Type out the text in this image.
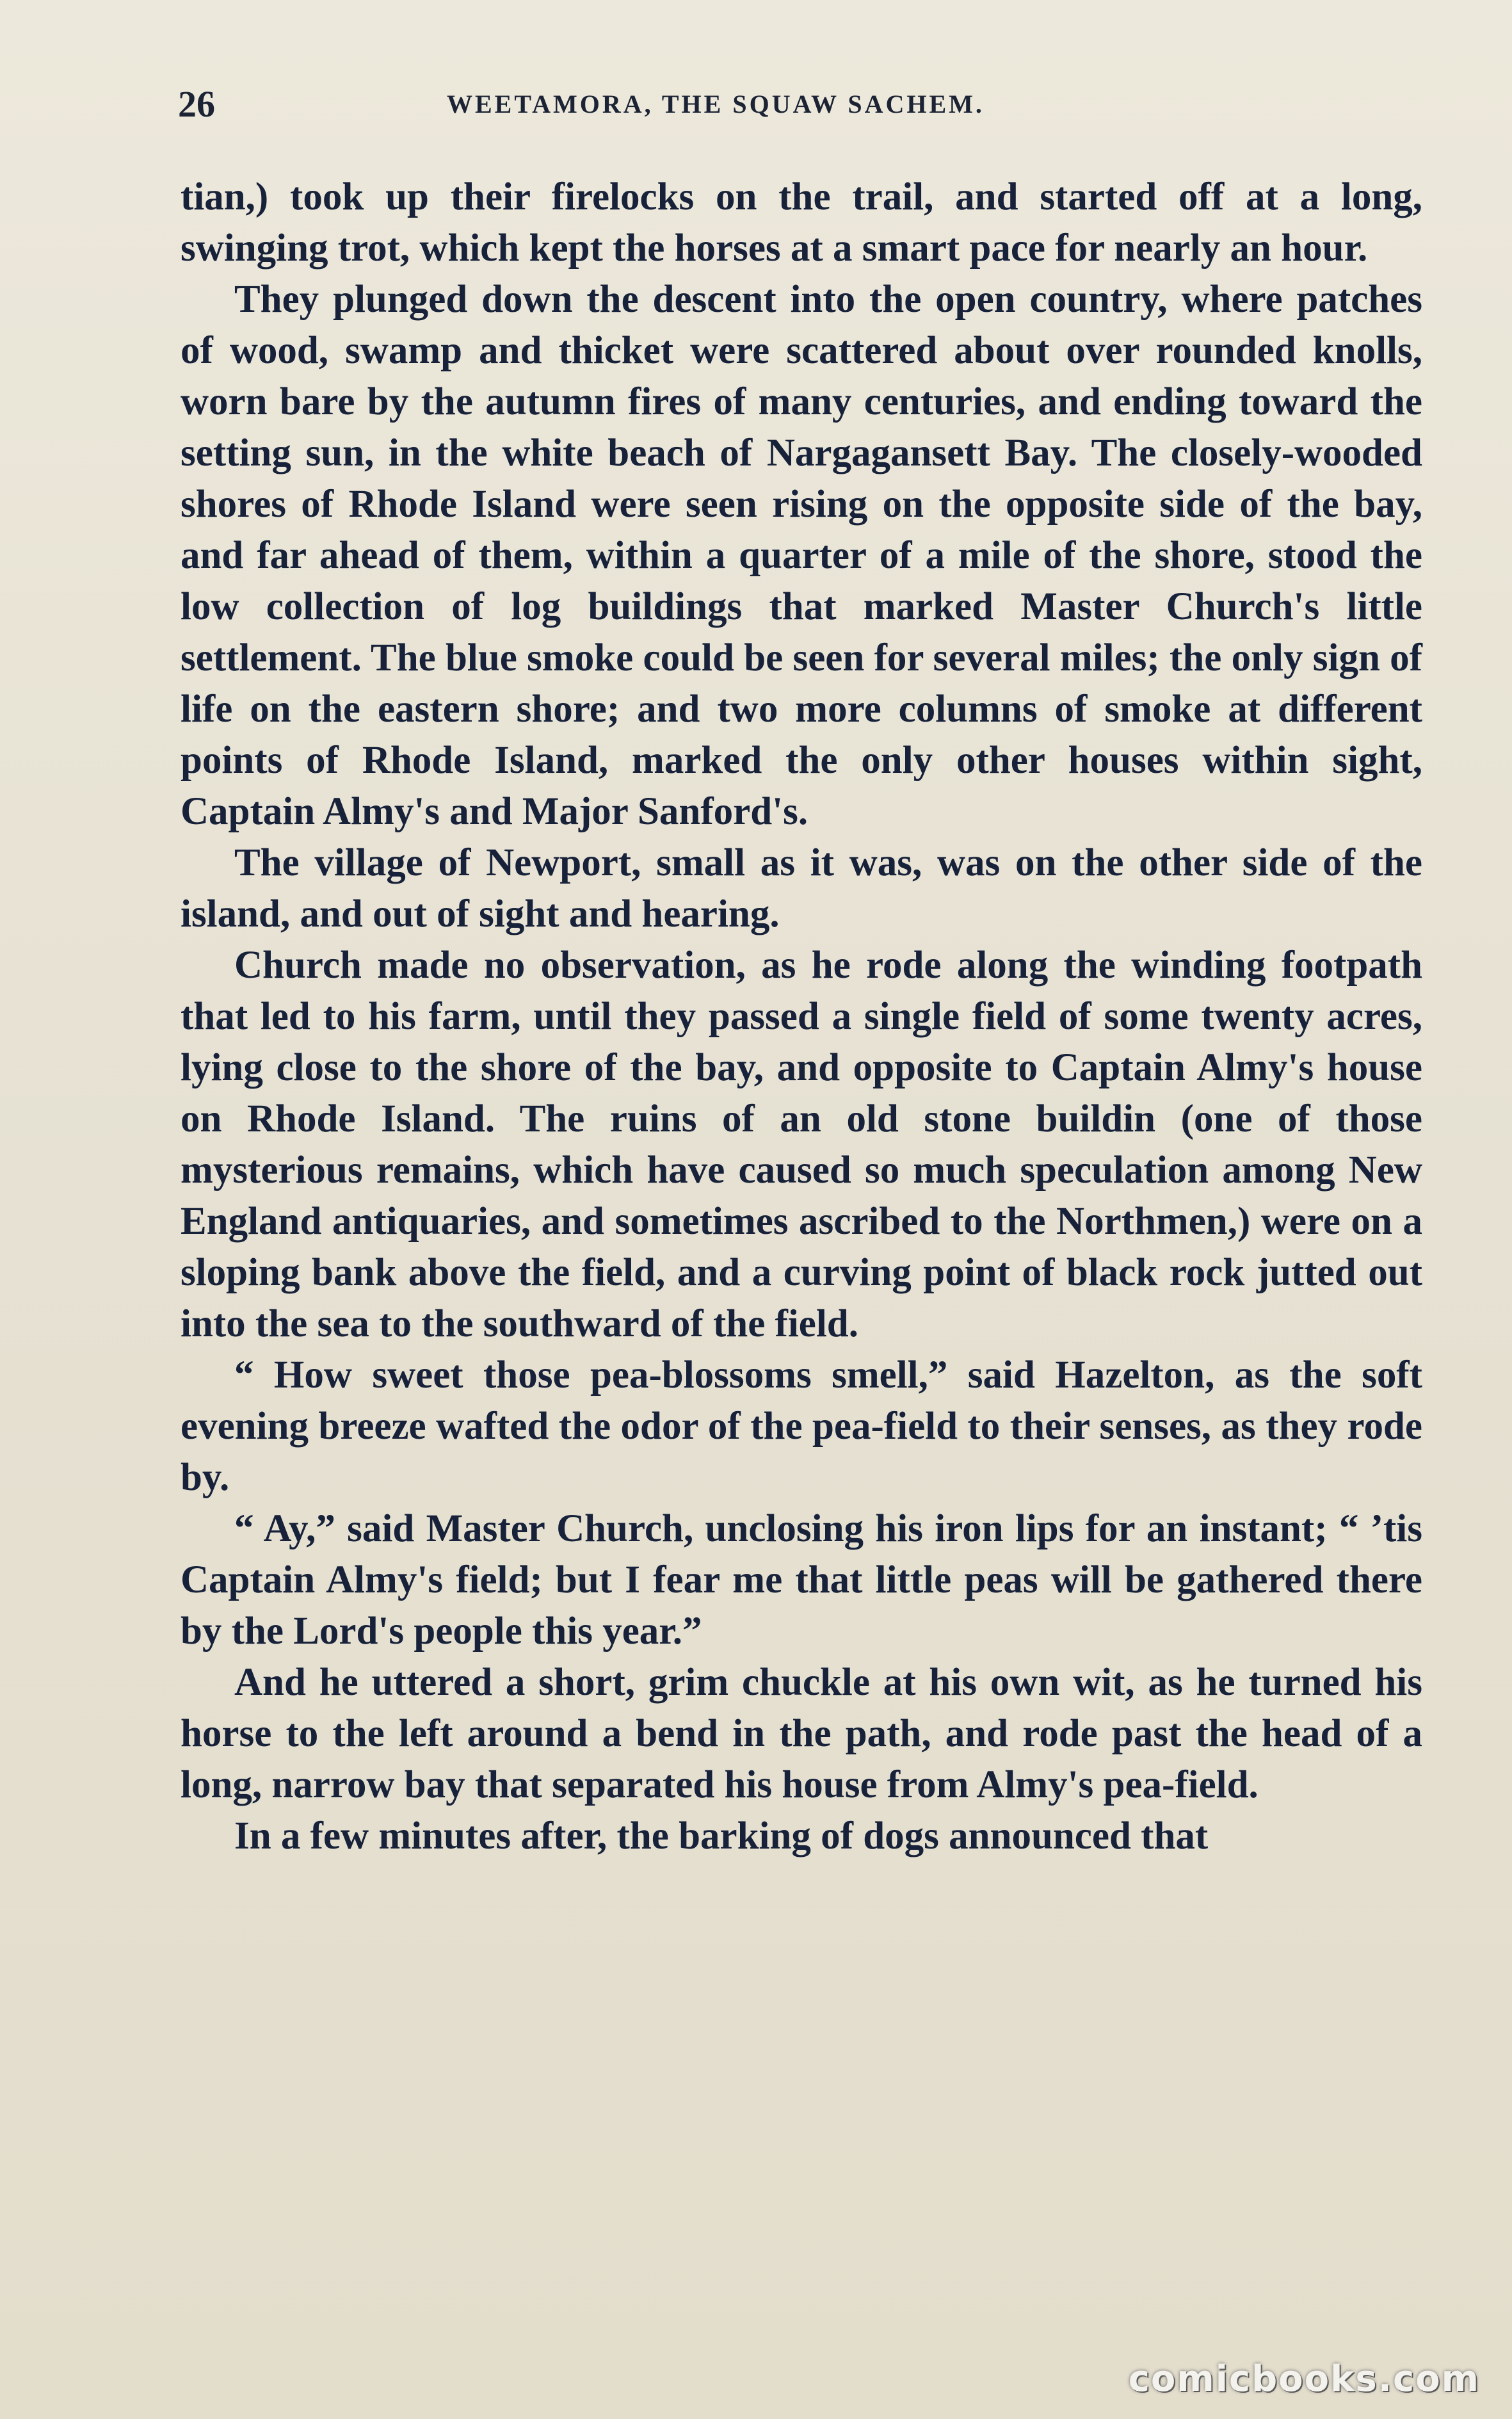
26	WEETAMORA, THE SQUAW SACHEM.

tian,) took up their firelocks on the trail, and started off at a long, swinging trot, which kept the horses at a smart pace for nearly an hour.

They plunged down the descent into the open country, where patches of wood, swamp and thicket were scattered about over rounded knolls, worn bare by the autumn fires of many centuries, and ending toward the setting sun, in the white beach of Nargagansett Bay. The closely-wooded shores of Rhode Island were seen rising on the opposite side of the bay, and far ahead of them, within a quarter of a mile of the shore, stood the low collection of log buildings that marked Master Church's little settlement. The blue smoke could be seen for several miles; the only sign of life on the eastern shore; and two more columns of smoke at different points of Rhode Island, marked the only other houses within sight, Captain Almy's and Major Sanford's.

The village of Newport, small as it was, was on the other side of the island, and out of sight and hearing.

Church made no observation, as he rode along the winding footpath that led to his farm, until they passed a single field of some twenty acres, lying close to the shore of the bay, and opposite to Captain Almy's house on Rhode Island. The ruins of an old stone buildin (one of those mysterious remains, which have caused so much speculation among New England antiquaries, and sometimes ascribed to the Northmen,) were on a sloping bank above the field, and a curving point of black rock jutted out into the sea to the southward of the field.

“ How sweet those pea-blossoms smell,” said Hazelton, as the soft evening breeze wafted the odor of the pea-field to their senses, as they rode by.

“ Ay,” said Master Church, unclosing his iron lips for an instant; “ ’tis Captain Almy's field; but I fear me that little peas will be gathered there by the Lord's people this year.”

And he uttered a short, grim chuckle at his own wit, as he turned his horse to the left around a bend in the path, and rode past the head of a long, narrow bay that separated his house from Almy's pea-field.

In a few minutes after, the barking of dogs announced that

comicbooks.com
